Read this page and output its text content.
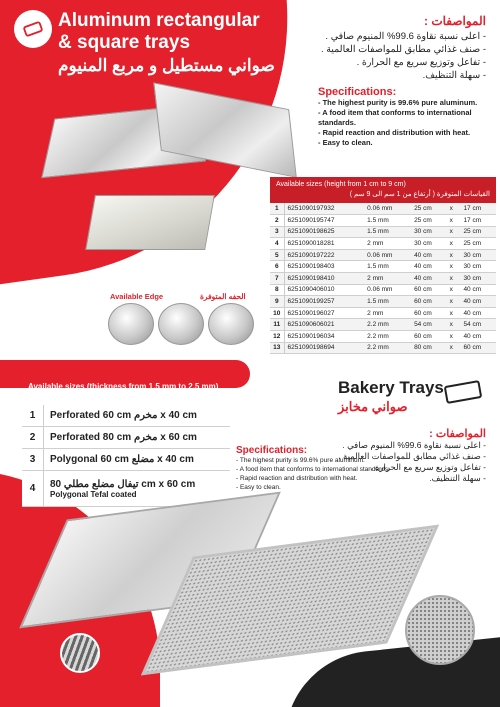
Aluminum rectangular
& square trays
صواني مستطيل و مربع المنيوم
المواصفات :
- اعلى نسبة نقاوة 99.6% المنيوم صافي .
- صنف غذائي مطابق للمواصفات العالمية .
- تفاعل وتوزيع سريع مع الحرارة .
- سهلة التنظيف.
Specifications:
- The highest purity is 99.6% pure aluminum.
- A food item that conforms to international standards.
- Rapid reaction and distribution with heat.
- Easy to clean.
Available sizes (height from 1 cm to 9 cm)
القياسات المتوفرة ( أرتفاع من 1 سم الى 9 سم )
1	6251090197932	0.06 mm	25 cm	x	17 cm
2	6251090195747	1.5 mm	25 cm	x	17 cm
3	6251090198625	1.5 mm	30 cm	x	25 cm
4	6251090018281	2 mm	30 cm	x	25 cm
5	6251090197222	0.06 mm	40 cm	x	30 cm
6	6251090198403	1.5 mm	40 cm	x	30 cm
7	6251090198410	2 mm	40 cm	x	30 cm
8	6251090406010	0.06 mm	60 cm	x	40 cm
9	6251090199257	1.5 mm	60 cm	x	40 cm
10	6251090196027	2 mm	60 cm	x	40 cm
11	6251090606021	2.2 mm	54 cm	x	54 cm
12	6251090196034	2.2 mm	60 cm	x	40 cm
13	6251090198694	2.2 mm	80 cm	x	60 cm
Available Edge	الحفه المتوفرة
Available sizes (thickness from 1.5 mm to 2.5 mm)
القياسات المتوفرة (سماكة من 1.5 ملم الى 2.5 ملم )
1	Perforated 60 cm مخرم x 40 cm
2	Perforated 80 cm مخرم x 60 cm
3	Polygonal 60 cm مضلع x 40 cm
4	تيفال مضلع مطلي 80 cm x 60 cm
Polygonal Tefal coated
Bakery Trays
صواني مخابز
المواصفات :
- اعلى نسبة نقاوة 99.6% المنيوم صافي .
- صنف غذائي مطابق للمواصفات العالمية .
- تفاعل وتوزيع سريع مع الحرارة .
- سهلة التنظيف.
Specifications:
- The highest purity is 99.6% pure aluminum.
- A food item that conforms to international standards.
- Rapid reaction and distribution with heat.
- Easy to clean.
